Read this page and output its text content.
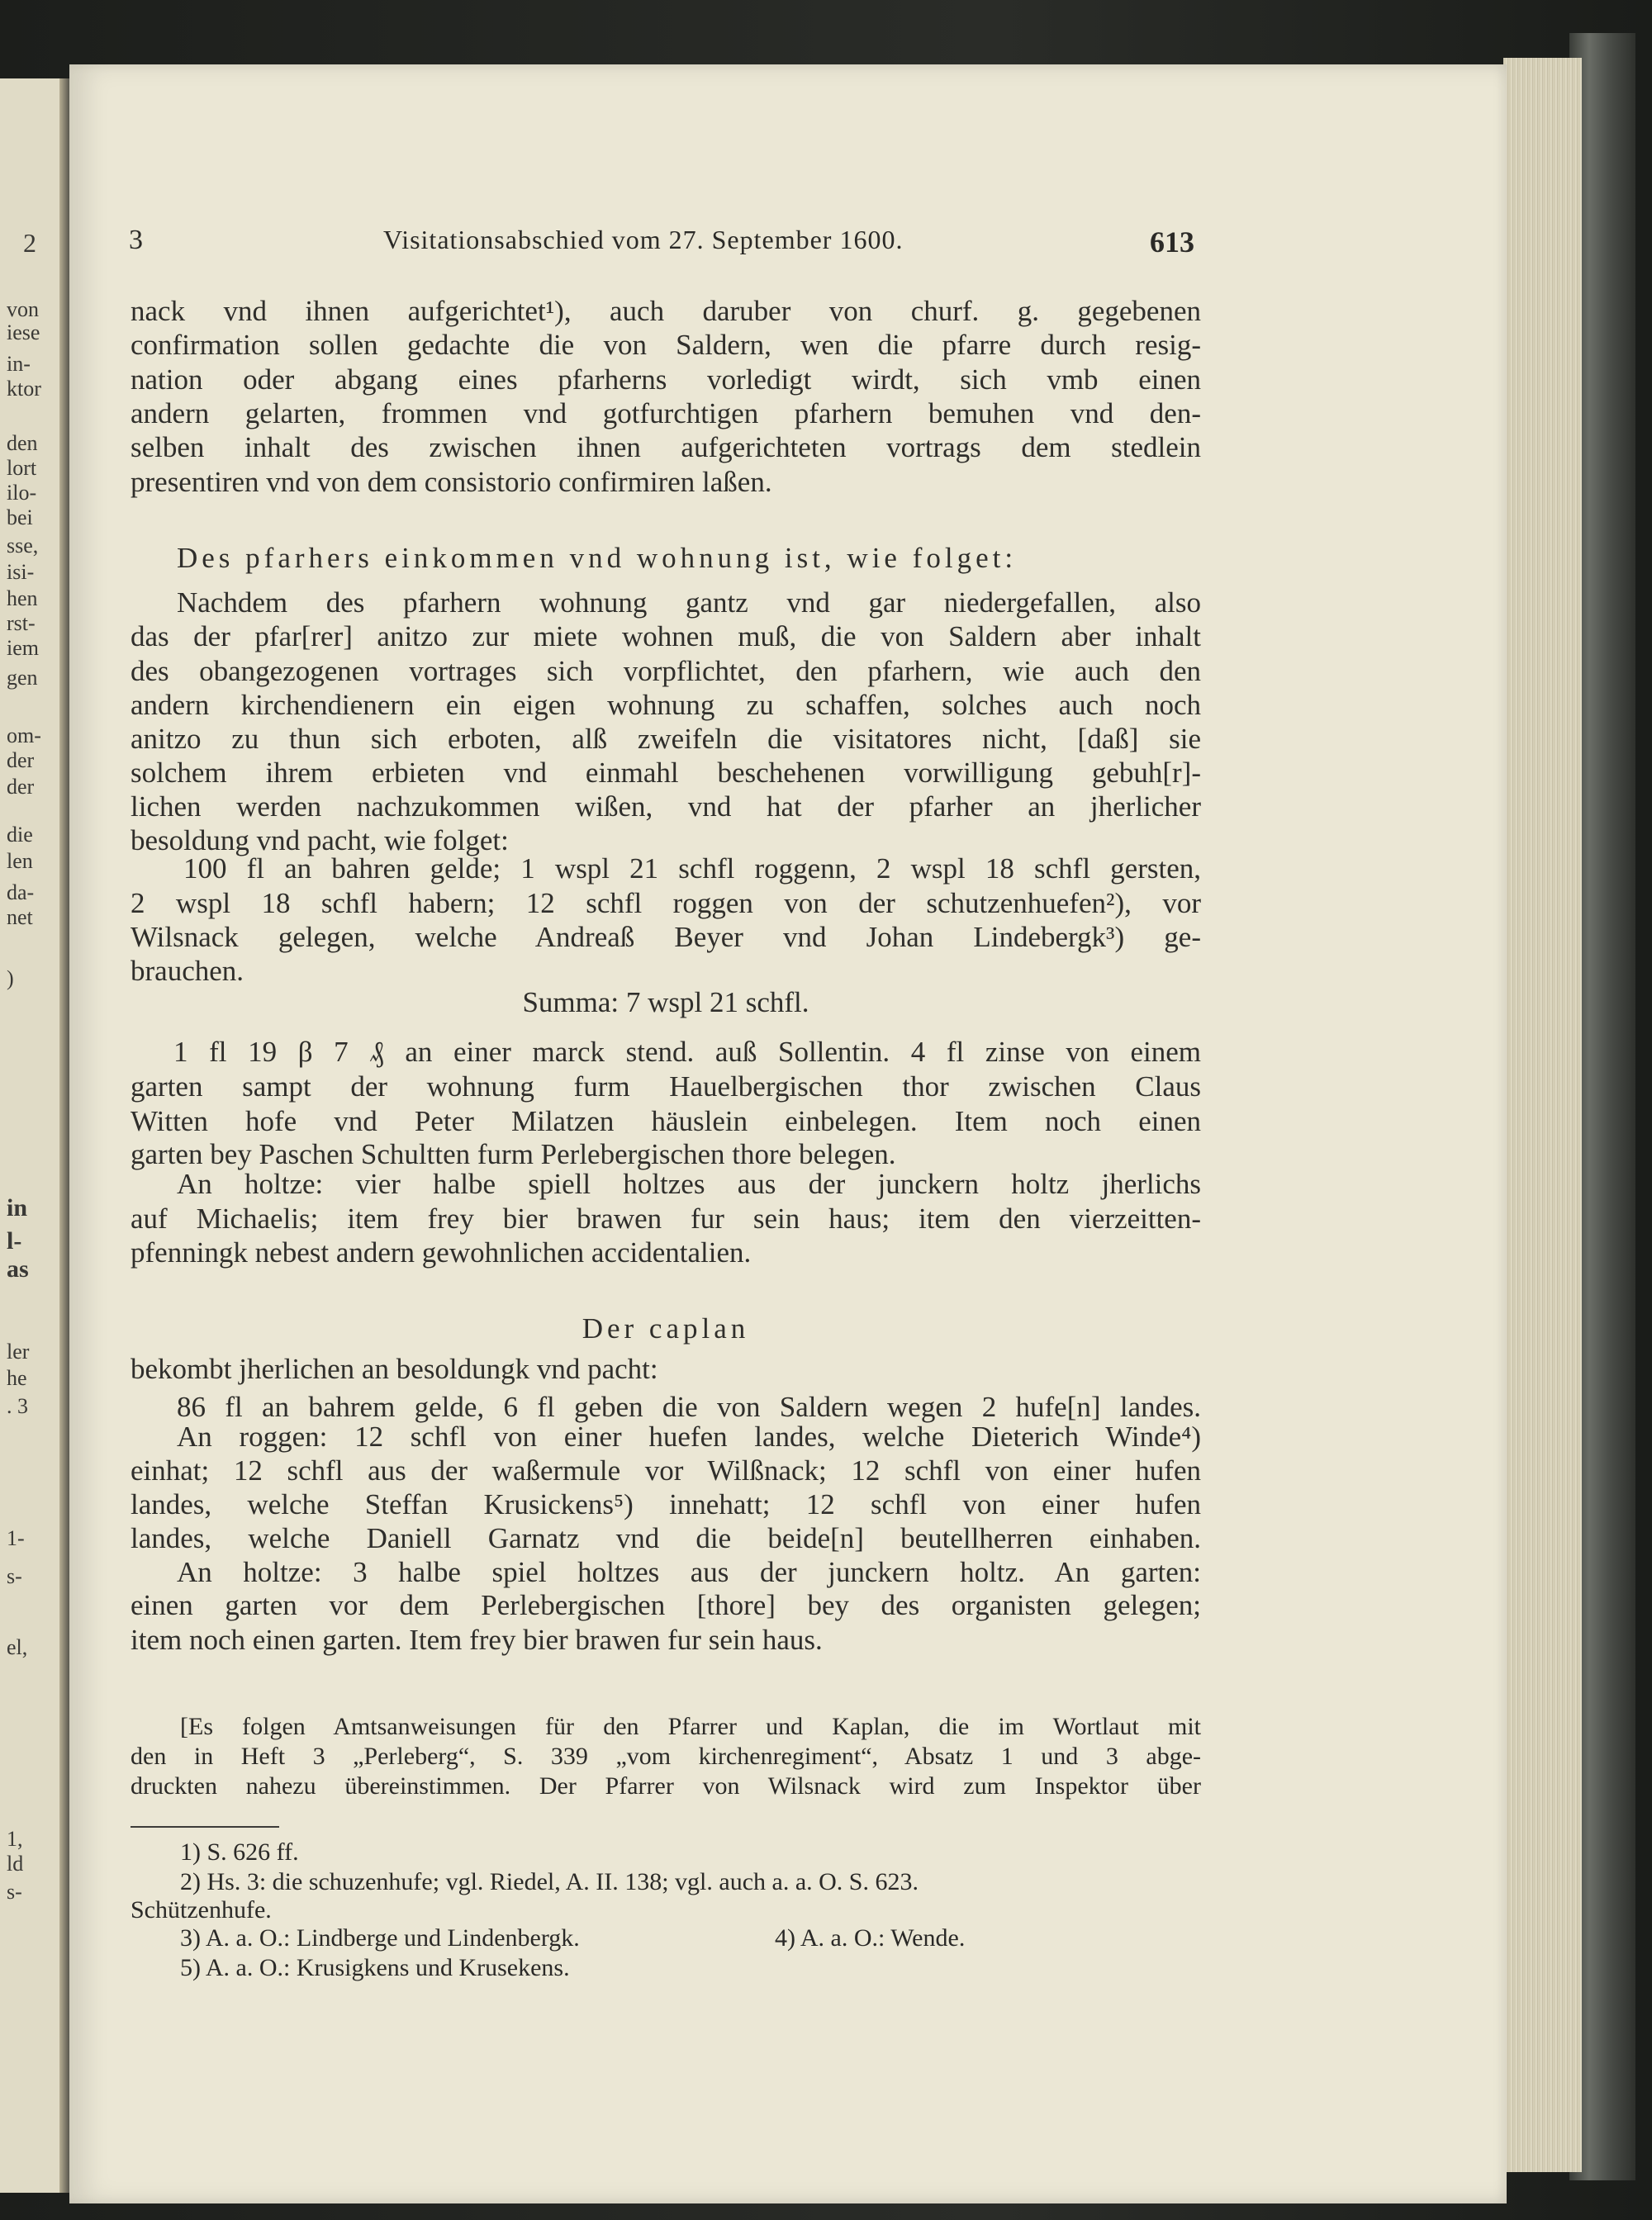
3	Visitationsabschied vom 27. September 1600.	613
nack vnd ihnen aufgerichtet¹), auch daruber von churf. g. gegebenen
confirmation sollen gedachte die von Saldern, wen die pfarre durch resig-
nation oder abgang eines pfarherns vorledigt wirdt, sich vmb einen
andern gelarten, frommen vnd gotfurchtigen pfarhern bemuhen vnd den-
selben inhalt des zwischen ihnen aufgerichteten vortrags dem stedlein
presentiren vnd von dem consistorio confirmiren laßen.
Des pfarhers einkommen vnd wohnung ist, wie folget:
Nachdem des pfarhern wohnung gantz vnd gar niedergefallen, also
das der pfar[rer] anitzo zur miete wohnen muß, die von Saldern aber inhalt
des obangezogenen vortrages sich vorpflichtet, den pfarhern, wie auch den
andern kirchendienern ein eigen wohnung zu schaffen, solches auch noch
anitzo zu thun sich erboten, alß zweifeln die visitatores nicht, [daß] sie
solchem ihrem erbieten vnd einmahl beschehenen vorwilligung gebuh[r]-
lichen werden nachzukommen wißen, vnd hat der pfarher an jherlicher
besoldung vnd pacht, wie folget:
100 fl an bahren gelde; 1 wspl 21 schfl roggenn, 2 wspl 18 schfl gersten,
2 wspl 18 schfl habern; 12 schfl roggen von der schutzenhuefen²), vor
Wilsnack gelegen, welche Andreaß Beyer vnd Johan Lindebergk³) ge-
brauchen.
Summa: 7 wspl 21 schfl.
1 fl 19 β 7 ₰ an einer marck stend. auß Sollentin. 4 fl zinse von einem
garten sampt der wohnung furm Hauelbergischen thor zwischen Claus
Witten hofe vnd Peter Milatzen häuslein einbelegen. Item noch einen
garten bey Paschen Schultten furm Perlebergischen thore belegen.
An holtze: vier halbe spiell holtzes aus der junckern holtz jherlichs
auf Michaelis; item frey bier brawen fur sein haus; item den vierzeitten-
pfenningk nebest andern gewohnlichen accidentalien.
Der caplan
bekombt jherlichen an besoldungk vnd pacht:
86 fl an bahrem gelde, 6 fl geben die von Saldern wegen 2 hufe[n] landes.
An roggen: 12 schfl von einer huefen landes, welche Dieterich Winde⁴)
einhat; 12 schfl aus der waßermule vor Wilßnack; 12 schfl von einer hufen
landes, welche Steffan Krusickens⁵) innehatt; 12 schfl von einer hufen
landes, welche Daniell Garnatz vnd die beide[n] beutellherren einhaben.
An holtze: 3 halbe spiel holtzes aus der junckern holtz. An garten:
einen garten vor dem Perlebergischen [thore] bey des organisten gelegen;
item noch einen garten. Item frey bier brawen fur sein haus.
[Es folgen Amtsanweisungen für den Pfarrer und Kaplan, die im Wortlaut mit
den in Heft 3 „Perleberg“, S. 339 „vom kirchenregiment“, Absatz 1 und 3 abge-
druckten nahezu übereinstimmen. Der Pfarrer von Wilsnack wird zum Inspektor über
1) S. 626 ff.
2) Hs. 3: die schuzenhufe; vgl. Riedel, A. II. 138; vgl. auch a. a. O. S. 623.
Schützenhufe.
3) A. a. O.: Lindberge und Lindenbergk.	4) A. a. O.: Wende.
5) A. a. O.: Krusigkens und Krusekens.
2
von
iese
in-
ktor
den
lort
ilo-
bei
sse,
isi-
hen
rst-
iem
gen
om-
der
der
die
len
da-
net
)
in
l-
as
ler
he
. 3
1-
s-
el,
1,
ld
s-
